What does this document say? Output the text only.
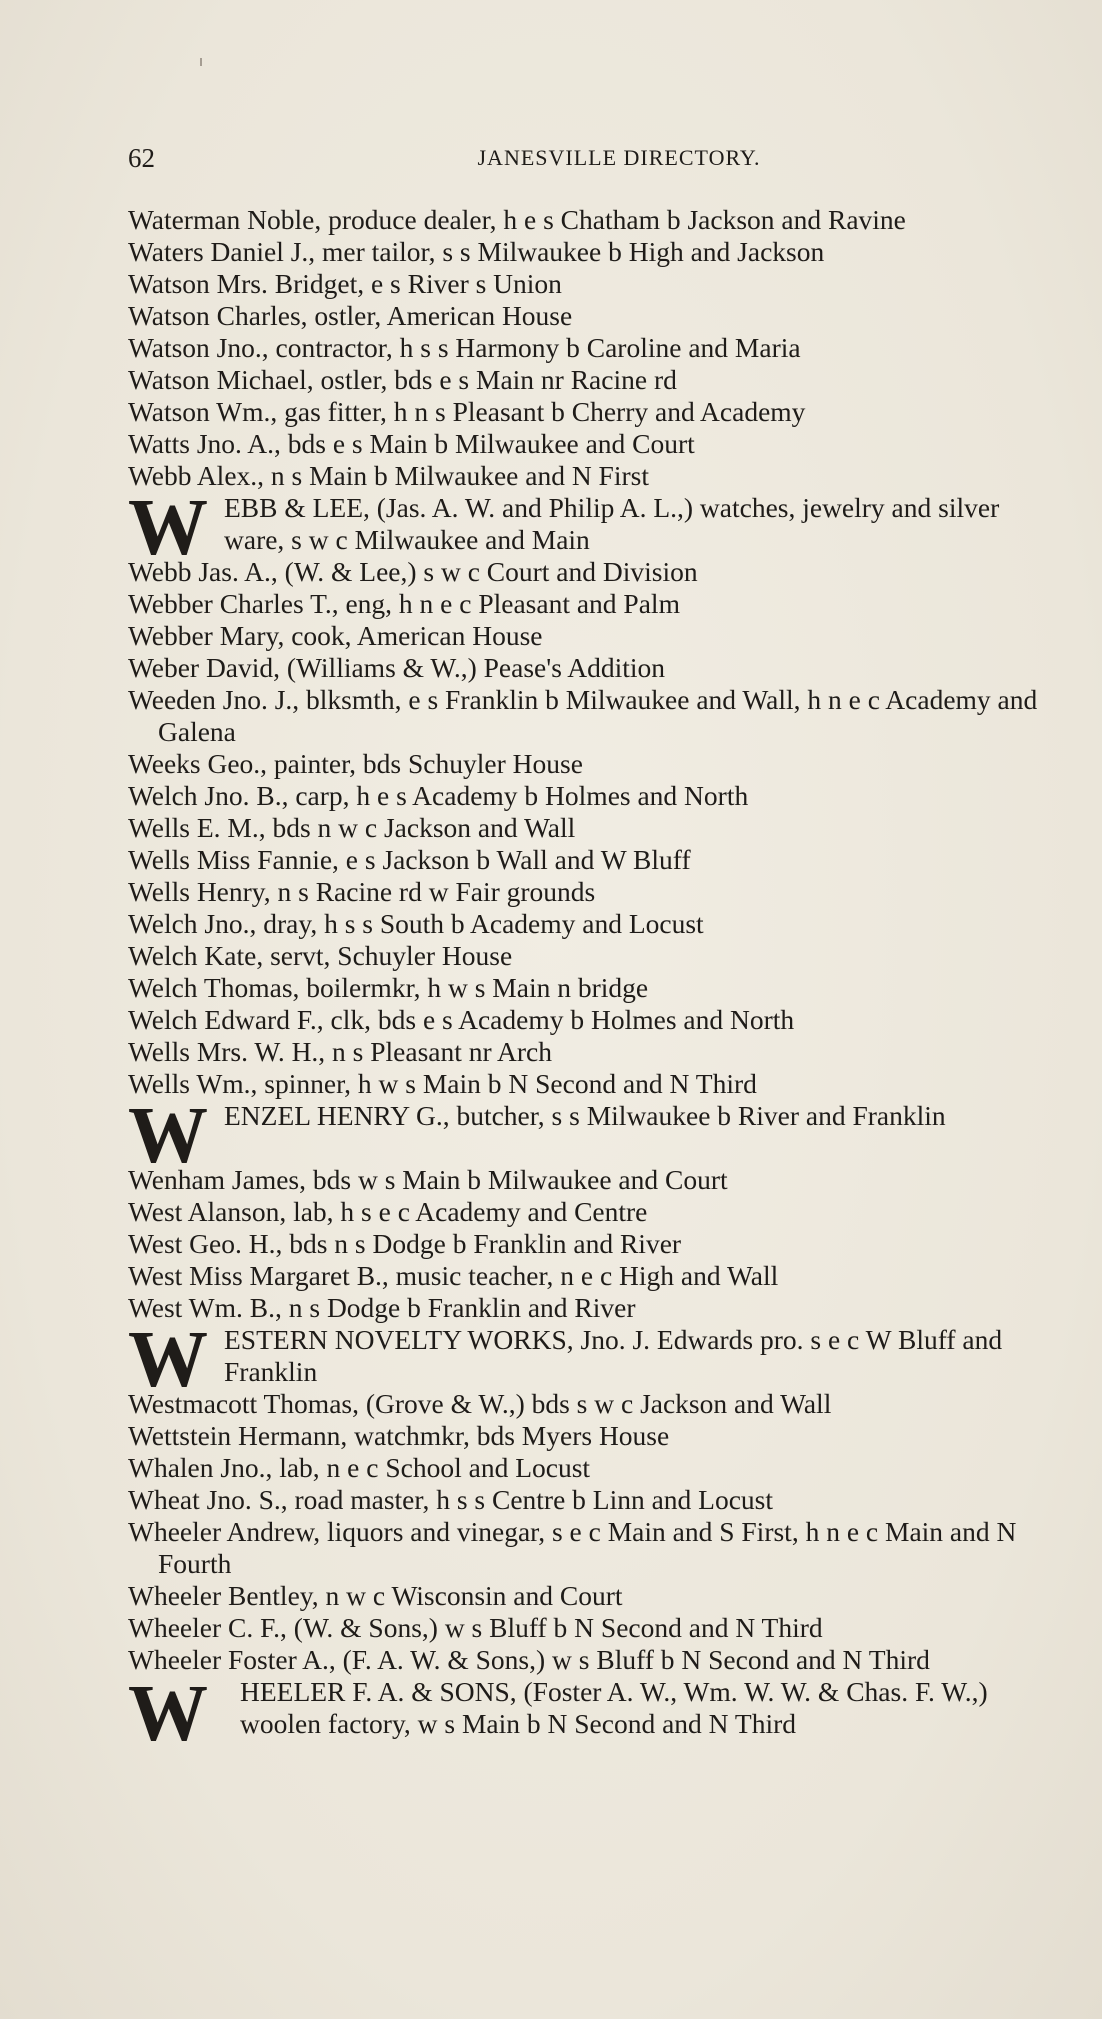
62	JANESVILLE DIRECTORY.
Waterman Noble, produce dealer, h e s Chatham b Jackson and Ravine
Waters Daniel J., mer tailor, s s Milwaukee b High and Jackson
Watson Mrs. Bridget, e s River s Union
Watson Charles, ostler, American House
Watson Jno., contractor, h s s Harmony b Caroline and Maria
Watson Michael, ostler, bds e s Main nr Racine rd
Watson Wm., gas fitter, h n s Pleasant b Cherry and Academy
Watts Jno. A., bds e s Main b Milwaukee and Court
Webb Alex., n s Main b Milwaukee and N First
W EBB & LEE, (Jas. A. W. and Philip A. L.,) watches, jewelry and silver ware, s w c Milwaukee and Main
Webb Jas. A., (W. & Lee,) s w c Court and Division
Webber Charles T., eng, h n e c Pleasant and Palm
Webber Mary, cook, American House
Weber David, (Williams & W.,) Pease's Addition
Weeden Jno. J., blksmth, e s Franklin b Milwaukee and Wall, h n e c Academy and Galena
Weeks Geo., painter, bds Schuyler House
Welch Jno. B., carp, h e s Academy b Holmes and North
Wells E. M., bds n w c Jackson and Wall
Wells Miss Fannie, e s Jackson b Wall and W Bluff
Wells Henry, n s Racine rd w Fair grounds
Welch Jno., dray, h s s South b Academy and Locust
Welch Kate, servt, Schuyler House
Welch Thomas, boilermkr, h w s Main n bridge
Welch Edward F., clk, bds e s Academy b Holmes and North
Wells Mrs. W. H., n s Pleasant nr Arch
Wells Wm., spinner, h w s Main b N Second and N Third
W ENZEL HENRY G., butcher, s s Milwaukee b River and Franklin
Wenham James, bds w s Main b Milwaukee and Court
West Alanson, lab, h s e c Academy and Centre
West Geo. H., bds n s Dodge b Franklin and River
West Miss Margaret B., music teacher, n e c High and Wall
West Wm. B., n s Dodge b Franklin and River
W ESTERN NOVELTY WORKS, Jno. J. Edwards pro. s e c W Bluff and Franklin
Westmacott Thomas, (Grove & W.,) bds s w c Jackson and Wall
Wettstein Hermann, watchmkr, bds Myers House
Whalen Jno., lab, n e c School and Locust
Wheat Jno. S., road master, h s s Centre b Linn and Locust
Wheeler Andrew, liquors and vinegar, s e c Main and S First, h n e c Main and N Fourth
Wheeler Bentley, n w c Wisconsin and Court
Wheeler C. F., (W. & Sons,) w s Bluff b N Second and N Third
Wheeler Foster A., (F. A. W. & Sons,) w s Bluff b N Second and N Third
W HEELER F. A. & SONS, (Foster A. W., Wm. W. W. & Chas. F. W.,) woolen factory, w s Main b N Second and N Third
